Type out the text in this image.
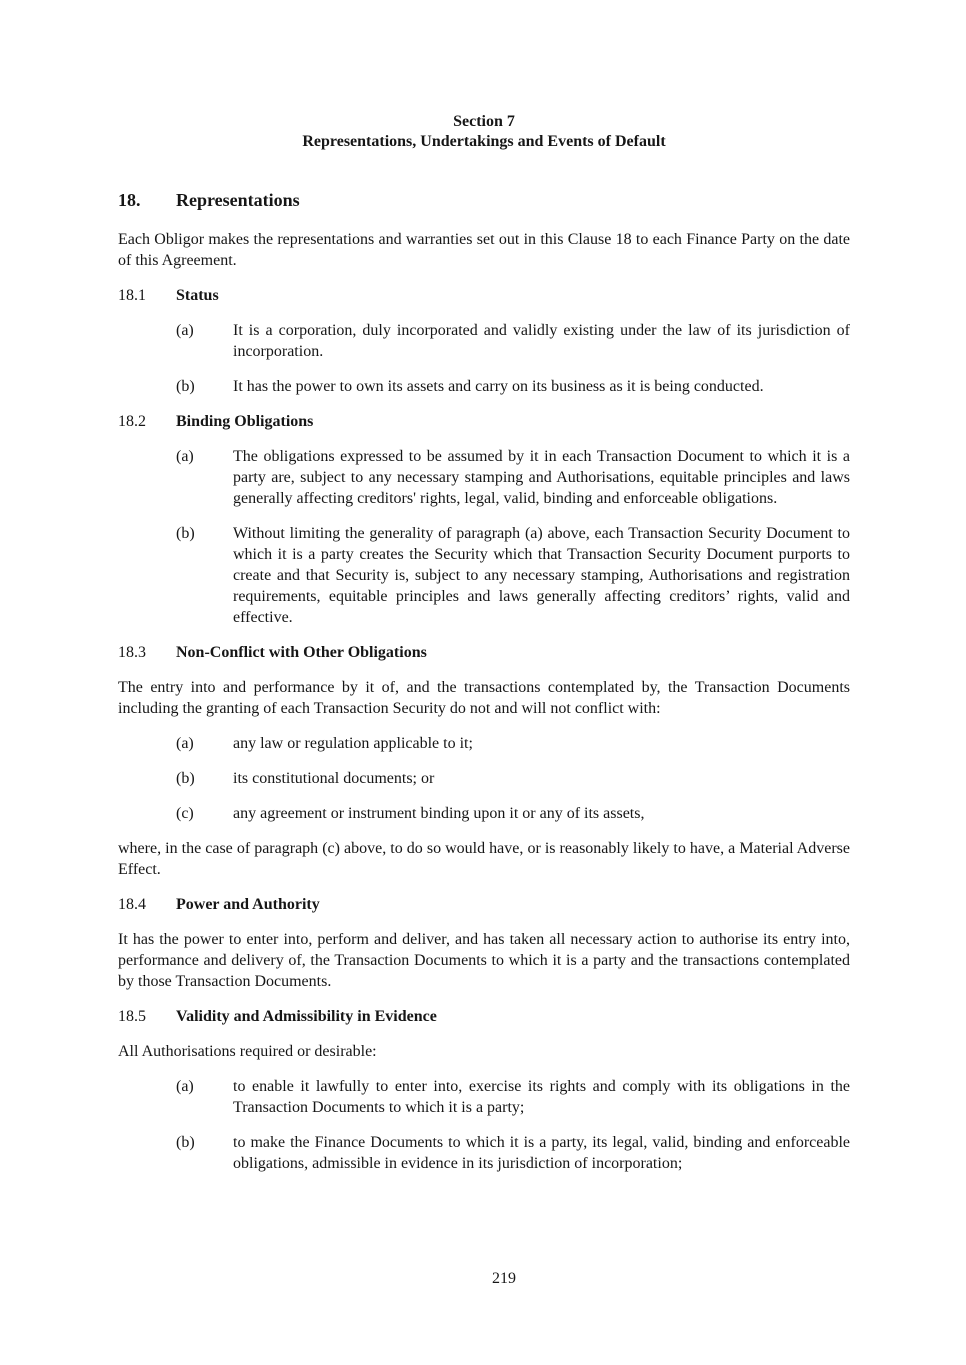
Section 7
Representations, Undertakings and Events of Default
18.	Representations
Each Obligor makes the representations and warranties set out in this Clause 18 to each Finance Party on the date of this Agreement.
18.1	Status
(a)	It is a corporation, duly incorporated and validly existing under the law of its jurisdiction of incorporation.
(b)	It has the power to own its assets and carry on its business as it is being conducted.
18.2	Binding Obligations
(a)	The obligations expressed to be assumed by it in each Transaction Document to which it is a party are, subject to any necessary stamping and Authorisations, equitable principles and laws generally affecting creditors' rights, legal, valid, binding and enforceable obligations.
(b)	Without limiting the generality of paragraph (a) above, each Transaction Security Document to which it is a party creates the Security which that Transaction Security Document purports to create and that Security is, subject to any necessary stamping, Authorisations and registration requirements, equitable principles and laws generally affecting creditors’ rights, valid and effective.
18.3	Non-Conflict with Other Obligations
The entry into and performance by it of, and the transactions contemplated by, the Transaction Documents including the granting of each Transaction Security do not and will not conflict with:
(a)	any law or regulation applicable to it;
(b)	its constitutional documents; or
(c)	any agreement or instrument binding upon it or any of its assets,
where, in the case of paragraph (c) above, to do so would have, or is reasonably likely to have, a Material Adverse Effect.
18.4	Power and Authority
It has the power to enter into, perform and deliver, and has taken all necessary action to authorise its entry into, performance and delivery of, the Transaction Documents to which it is a party and the transactions contemplated by those Transaction Documents.
18.5	Validity and Admissibility in Evidence
All Authorisations required or desirable:
(a)	to enable it lawfully to enter into, exercise its rights and comply with its obligations in the Transaction Documents to which it is a party;
(b)	to make the Finance Documents to which it is a party, its legal, valid, binding and enforceable obligations, admissible in evidence in its jurisdiction of incorporation;
219
